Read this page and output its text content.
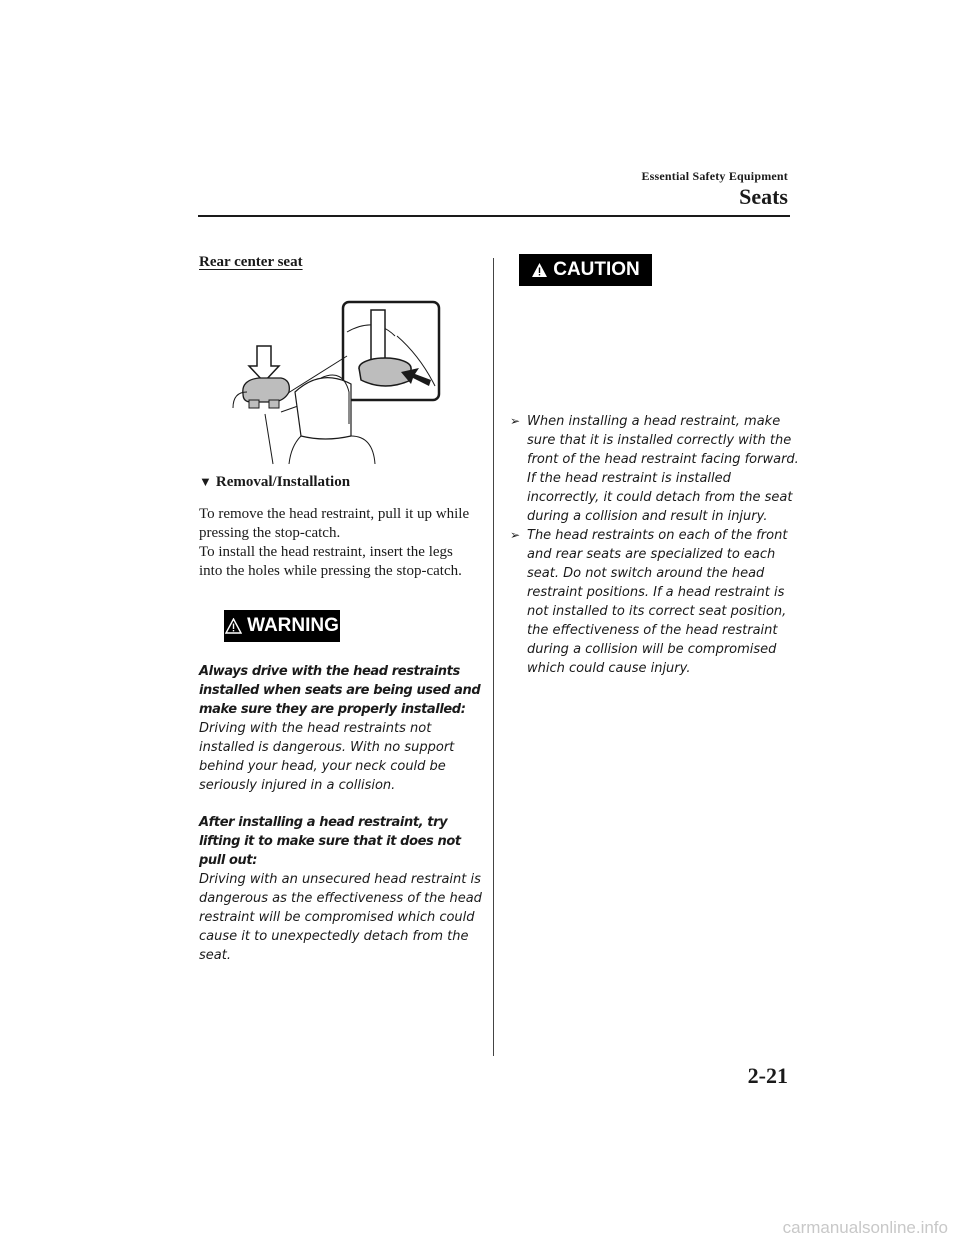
Essential Safety Equipment
Seats
Rear center seat
▼ Removal/Installation

To remove the head restraint, pull it up while pressing the stop-catch.

To install the head restraint, insert the legs into the holes while pressing the stop-catch.

WARNING

Always drive with the head restraints installed when seats are being used and make sure they are properly installed:

Driving with the head restraints not installed is dangerous. With no support behind your head, your neck could be seriously injured in a collision.

After installing a head restraint, try lifting it to make sure that it does not pull out:

Driving with an unsecured head restraint is dangerous as the effectiveness of the head restraint will be compromised which could cause it to unexpectedly detach from the seat.

CAUTION
➢ When installing a head restraint, make sure that it is installed correctly with the front of the head restraint facing forward. If the head restraint is installed incorrectly, it could detach from the seat during a collision and result in injury.
➢ The head restraints on each of the front and rear seats are specialized to each seat. Do not switch around the head restraint positions. If a head restraint is not installed to its correct seat position, the effectiveness of the head restraint during a collision will be compromised which could cause injury.
2-21
carmanualsonline.info
